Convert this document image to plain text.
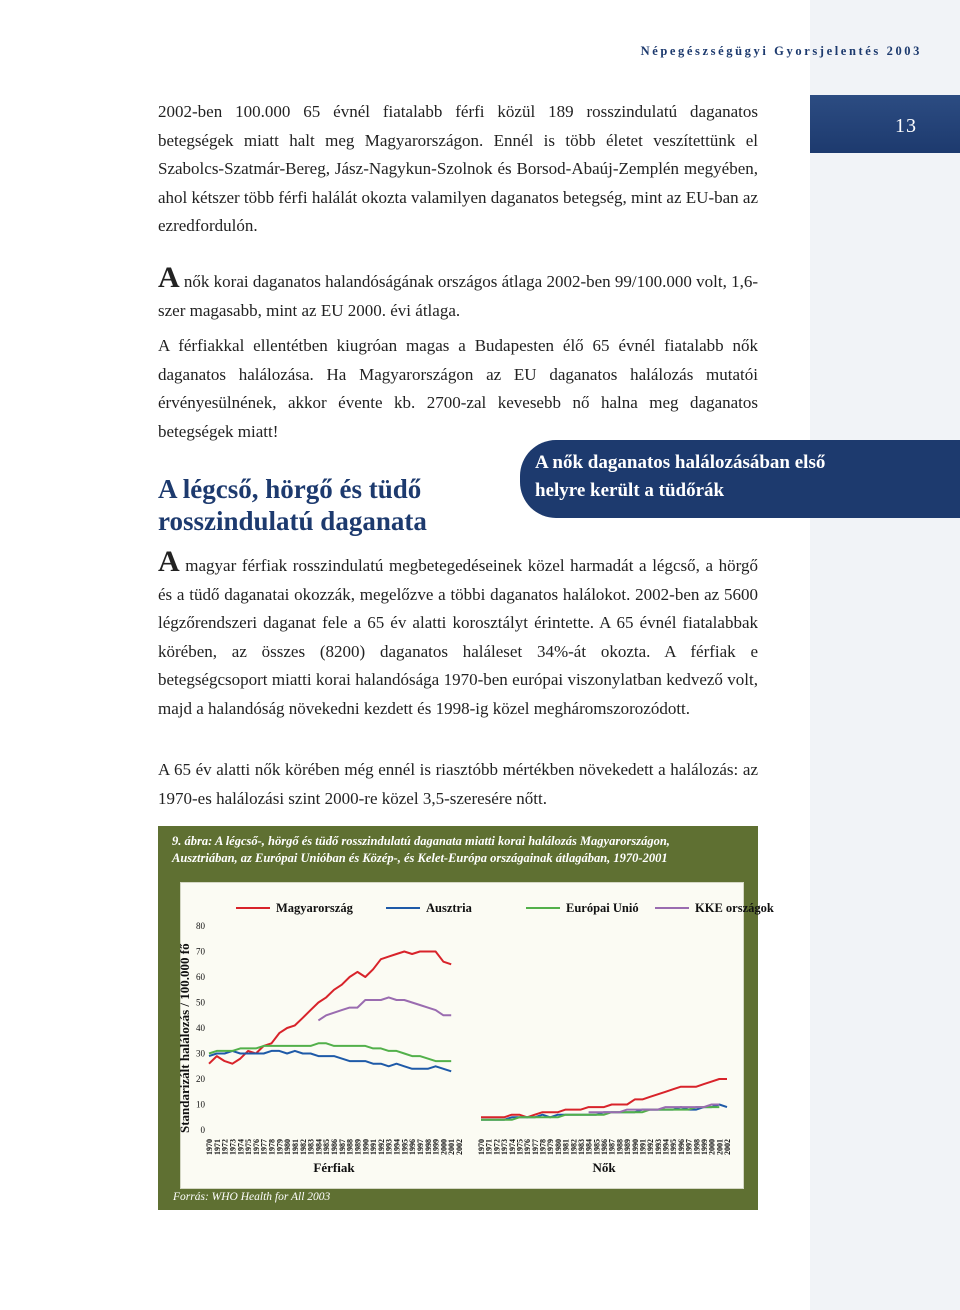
13
Népegészségügyi Gyorsjelentés 2003

2002-ben 100.000 65 évnél fiatalabb férfi közül 189 rosszindulatú daganatos betegségek miatt halt meg Magyarországon. Ennél is több életet veszítettünk el Szabolcs-Szatmár-Bereg, Jász-Nagykun-Szolnok és Borsod-Abaúj-Zemplén megyében, ahol kétszer több férfi halálát okozta valamilyen daganatos betegség, mint az EU-ban az ezredfordulón.

A nők korai daganatos halandóságának országos átlaga 2002-ben 99/100.000 volt, 1,6-szer magasabb, mint az EU 2000. évi átlaga.

A férfiakkal ellentétben kiugróan magas a Budapesten élő 65 évnél fiatalabb nők daganatos halálozása. Ha Magyarországon az EU daganatos halálozás mutatói érvényesülnének, akkor évente kb. 2700-zal kevesebb nő halna meg daganatos betegségek miatt!

A nők daganatos halálozásában első
helyre került a tüdőrák
A légcső, hörgő és tüdő
rosszindulatú daganata

A magyar férfiak rosszindulatú megbetegedéseinek közel harmadát a légcső, a hörgő és a tüdő daganatai okozzák, megelőzve a többi daganatos halálokot. 2002-ben az 5600 légzőrendszeri daganat fele a 65 év alatti korosztályt érintette. A 65 évnél fiatalabbak körében, az összes (8200) daganatos haláleset 34%-át okozta. A férfiak e betegségcsoport miatti korai halandósága 1970-ben európai viszonylatban kedvező volt, majd a halandóság növekedni kezdett és 1998-ig közel megháromszorozódott.

A 65 év alatti nők körében még ennél is riasztóbb mértékben növekedett a halálozás: az 1970-es halálozási szint 2000-re közel 3,5-szeresére nőtt.

9. ábra: A légcső-, hörgő és tüdő rosszindulatú daganata miatti korai halálozás Magyarországon,
Ausztriában, az Európai Unióban és Közép-, és Kelet-Európa országainak átlagában, 1970-2001
Magyarország	Ausztria	Európai Unió	KKE országok
Standarizált halálozás / 100.000 fő 0
10
20
30
40
50
60
70
80
1970
1971
1972
1973
1974
1975
1976
1977
1978
1979
1980
1981
1982
1983
1984
1985
1986
1987
1988
1989
1990
1991
1992
1993
1994
1995
1996
1997
1998
1999
2000
2001
2002
Férfiak
1970
1971
1972
1973
1974
1975
1976
1977
1978
1979
1980
1981
1982
1983
1984
1985
1986
1987
1988
1989
1990
1991
1992
1993
1994
1995
1996
1997
1998
1999
2000
2001
2002
Nők
Forrás: WHO Health for All 2003
